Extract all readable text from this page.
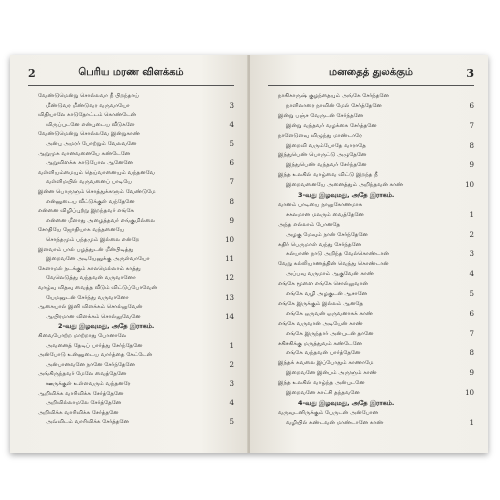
2	பெரிய மரண விளக்கம்
வேண்டுமென்று சொல்லவா நீ பிறந்தாய்
மீண்டுவர மீண்டுவர வருவாயோ	3
விதியாலே காடுதோட்டம் கொண்டேன்
விருப்புடனே என்புடைய வீடுகளே	4
வேண்டுமென்று சொல்லவே இன்றுகாண்
அன்பு அமரர் போற்றும் வேலவனே	5
ஆறுமுக வானவனையே கண்டேனே
ஆறுவிளக்க காடுபோல ஆனேனே	6
வள்ளியம்மையும் தெய்வானையும் வந்தனவே
வள்ளிமயில் வருவனைப் பாடியே	7
இன்ன பொருளும் சொத்துக்களும் வேண்டுமே
என்னுடைய வீட்டுக்குள் வந்தேனே	8
என்னை விழிப்புற்று இறந்தவர் எங்கே
என்னை மீளாது அழைத்தவர் எங்குமில்லை	9
சோதியே ஜோதியாக வந்தனையே
சொந்தமும் பந்தமும் இல்லை என்றே	10
இளவாம் பால் பழத்துடன் மீன்பிடித்து
இறைவனே அடியேனுக்கு அருள்வாயோ	11
கேளாமல் நடக்கும் காலமெல்லாம் காத்து
வேலெடுத்து வந்தவன் வருவானோ	12
வாழ்வு விதவு வைத்த வீடும் விட்டுப்போவேன்
யேமனுடன் சேர்ந்து வருவானோ	13
ஆகையால் இனி விளக்கம் சொல்லுவேன்
ஆயிரமான விளக்கம் சொல்லுவேனே	14
2-வது இழவுமது, அதே இராகம்.
கிவைபோற்ற மாற்றாது போனாலே
அவனைத் தேடிப் பார்த்து சேர்ந்தேனே	1
அன்போடு உன்னுடைய வார்த்தை கேட்டேன்
அன்பானவனே நானே சேர்ந்தேனே	2
அங்கிருந்தவர் மேலே வைத்தேனே
ஊருக்குள் உள்ளவரும் வந்தனரே	3
ஆறிவிக்க வாரிவிக்க சேர்த்தேனே
அறிவில்லாமலே சேர்த்தேனே	4
அறிவிக்க வாரிவிக்க சேர்த்தனே
அவ்விடம் வாரிவிக்க சேர்த்தனே	5
மனதைத் துலக்கும்	3
நாகிகாருஷ் குழந்தையும் அங்கே சேர்ந்தனே
நாளிலாரை நாவின் மேல் சேர்த்தேனே	6
இன்று பஞ்ச வேருடன் சேர்ந்தனே
இன்று வந்தவர் வழக்கை சேர்த்தனே	7
நாளேடுளவு விழுந்து மாண்டாரே
இறைவி வரும்போதே வாராதே	8
இந்துபெண் பொருட்டு அழுதேனே
இந்துபெண் வந்தவர் சேர்ந்தனே	9
இந்த உலகில் வாழ்வை விட்டு இறந்த நீ
இறைவனையே அனைத்தும் அறிந்தவன் காண்	10
3-வது இழவுமது, அதே இராகம்.
வானம் பாடியை நாலுகோணமாக
சகலமான மலரும் வைத்தேனே	1
அந்த எல்லாம் போனதே
அழகு மேவும் நான் சேர்ந்தேனே	2
கதிர் பெருமாள் வந்து சேர்ந்தனே
கல்யாண் நாடு அறிந்த வேல்கொண்டான்	3
வேறு கல்லியாணத்தின் வெந்து கொண்டான்
அப்பவு வருமாம் ஆகுவேன் காண்	4
எங்கே மூளை எங்கே சொல்லுவான்
எங்கே வழி அழகுடன் ஆசானே	5
எங்கே இருக்கும் இல்லம் ஆனதே
எங்கே ஒருவன் ஒருவனாகக் காண்	6
எங்கே வருவான் அடியேன் காண்
எங்கே இருந்தார் அன்புடன் தானே	7
சகிசகிக்கு மருத்துவம் கண்டேனே
எங்கே வந்தவன் பார்த்தேனே	8
இந்தக் கவலை இப்போதும் காணாமே
இறைவனே இன்பம் அருளும் காண்	9
இந்த உலகில் வாழ்ந்த அன்புடனே
இறைவனே காட்சி தந்தவனே	10
4-வது இழவுமது, அதே இராகம்.
வருவுடனிருக்கும் பேருடன் அன்போன
வழியில் கண்டவன் மாண்டானே காண்	1
